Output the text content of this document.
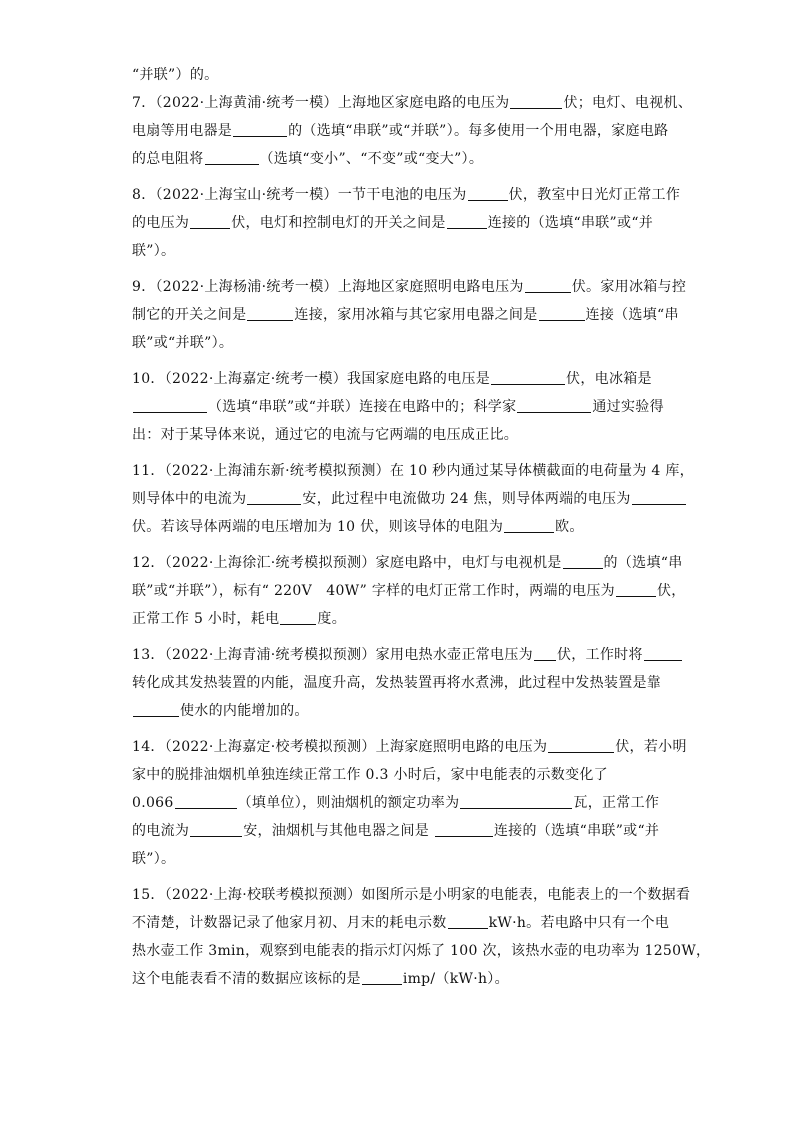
“并联”）的。
7．（2022·上海黄浦·统考一模）上海地区家庭电路的电压为	伏；电灯、电视机、
电扇等用电器是	的（选填“串联”或“并联”）。每多使用一个用电器，家庭电路
的总电阻将	（选填“变小”、“不变”或“变大”）。
8．（2022·上海宝山·统考一模）一节干电池的电压为	伏，教室中日光灯正常工作
的电压为	伏，电灯和控制电灯的开关之间是	连接的（选填“串联”或“并
联”）。
9．（2022·上海杨浦·统考一模）上海地区家庭照明电路电压为	伏。家用冰箱与控
制它的开关之间是	连接，家用冰箱与其它家用电器之间是	连接（选填“串
联”或“并联”）。
10．（2022·上海嘉定·统考一模）我国家庭电路的电压是	伏，电冰箱是
（选填“串联”或“并联）连接在电路中的；科学家	通过实验得
出：对于某导体来说，通过它的电流与它两端的电压成正比。
11．（2022·上海浦东新·统考模拟预测）在 10 秒内通过某导体横截面的电荷量为 4 库，
则导体中的电流为	安，此过程中电流做功 24 焦，则导体两端的电压为
伏。若该导体两端的电压增加为 10 伏，则该导体的电阻为	欧。
12．（2022·上海徐汇·统考模拟预测）家庭电路中，电灯与电视机是	的（选填“串
联”或“并联”），标有“ 220V　40W” 字样的电灯正常工作时，两端的电压为	伏，
正常工作 5 小时，耗电	度。
13．（2022·上海青浦·统考模拟预测）家用电热水壶正常电压为 伏，工作时将
转化成其发热装置的内能，温度升高，发热装置再将水煮沸，此过程中发热装置是靠
使水的内能增加的。
14．（2022·上海嘉定·校考模拟预测）上海家庭照明电路的电压为	伏，若小明
家中的脱排油烟机单独连续正常工作 0.3 小时后，家中电能表的示数变化了
0.066	（填单位），则油烟机的额定功率为	瓦，正常工作
的电流为	安，油烟机与其他电器之间是	连接的（选填“串联”或“并
联”）。
15．（2022·上海·校联考模拟预测）如图所示是小明家的电能表，电能表上的一个数据看
不清楚，计数器记录了他家月初、月末的耗电示数	kW·h。若电路中只有一个电
热水壶工作 3min，观察到电能表的指示灯闪烁了 100 次，该热水壶的电功率为 1250W，
这个电能表看不清的数据应该标的是	imp/（kW·h）。
